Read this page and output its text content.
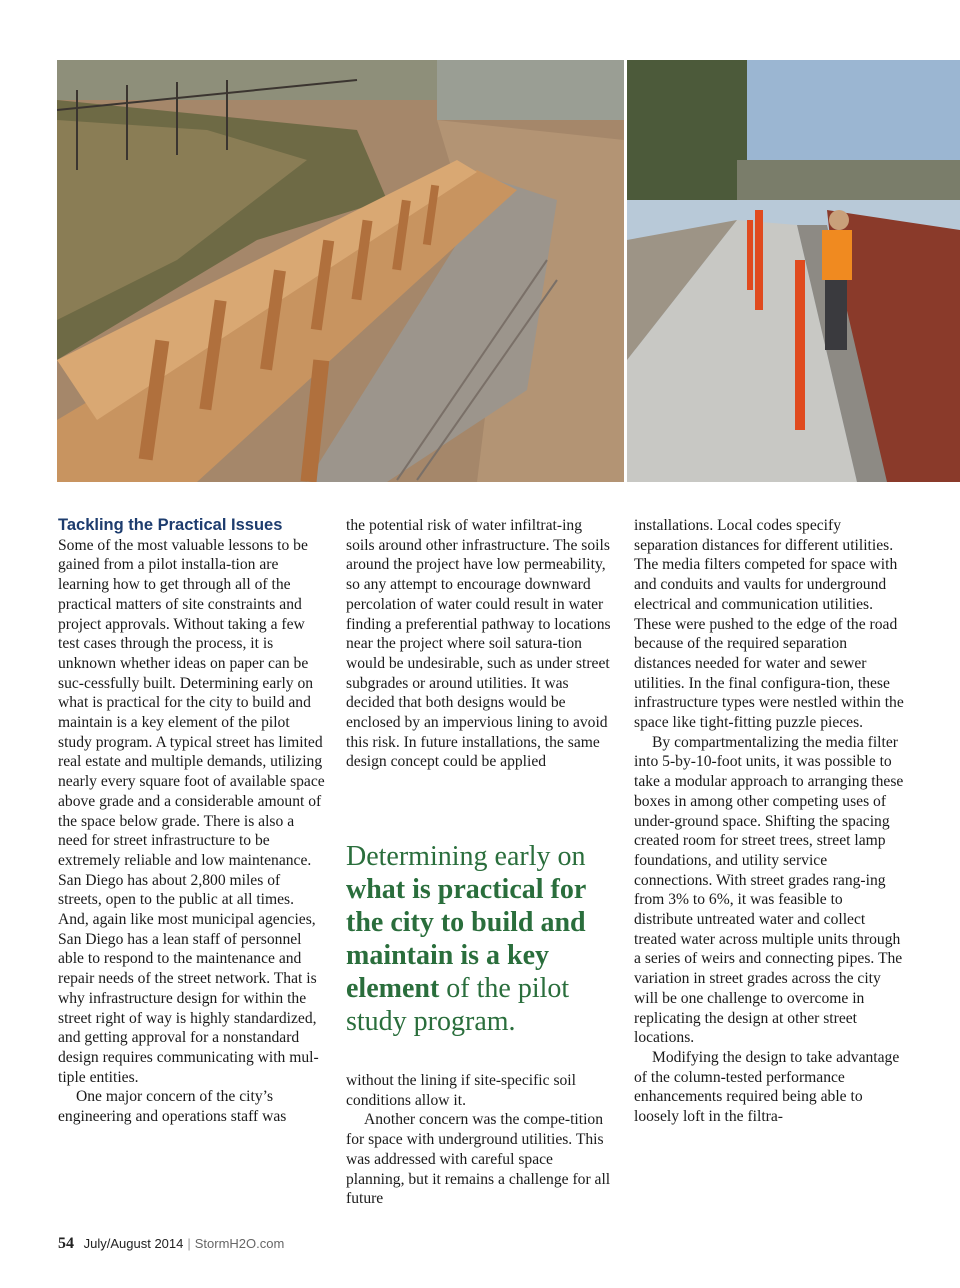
Tackling the Practical Issues

Some of the most valuable lessons to be gained from a pilot installa-tion are learning how to get through all of the practical matters of site constraints and project approvals. Without taking a few test cases through the process, it is unknown whether ideas on paper can be suc-cessfully built. Determining early on what is practical for the city to build and maintain is a key element of the pilot study program. A typical street has limited real estate and multiple demands, utilizing nearly every square foot of available space above grade and a considerable amount of the space below grade. There is also a need for street infrastructure to be extremely reliable and low maintenance. San Diego has about 2,800 miles of streets, open to the public at all times. And, again like most municipal agencies, San Diego has a lean staff of personnel able to respond to the maintenance and repair needs of the street network. That is why infrastructure design for within the street right of way is highly standardized, and getting approval for a nonstandard design requires communicating with mul-tiple entities.

One major concern of the city’s engineering and operations staff was

the potential risk of water infiltrat-ing soils around other infrastructure. The soils around the project have low permeability, so any attempt to encourage downward percolation of water could result in water finding a preferential pathway to locations near the project where soil satura-tion would be undesirable, such as under street subgrades or around utilities. It was decided that both designs would be enclosed by an impervious lining to avoid this risk. In future installations, the same design concept could be applied

Determining early on what is practical for the city to build and maintain is a key element of the pilot study program.

without the lining if site-specific soil conditions allow it.

Another concern was the compe-tition for space with underground utilities. This was addressed with careful space planning, but it remains a challenge for all future

installations. Local codes specify separation distances for different utilities. The media filters competed for space with and conduits and vaults for underground electrical and communication utilities. These were pushed to the edge of the road because of the required separation distances needed for water and sewer utilities. In the final configura-tion, these infrastructure types were nestled within the space like tight-fitting puzzle pieces.

By compartmentalizing the media filter into 5-by-10-foot units, it was possible to take a modular approach to arranging these boxes in among other competing uses of under-ground space. Shifting the spacing created room for street trees, street lamp foundations, and utility service connections. With street grades rang-ing from 3% to 6%, it was feasible to distribute untreated water and collect treated water across multiple units through a series of weirs and connecting pipes. The variation in street grades across the city will be one challenge to overcome in replicating the design at other street locations.

Modifying the design to take advantage of the column-tested performance enhancements required being able to loosely loft in the filtra-

54 July/August 2014 | StormH2O.com
